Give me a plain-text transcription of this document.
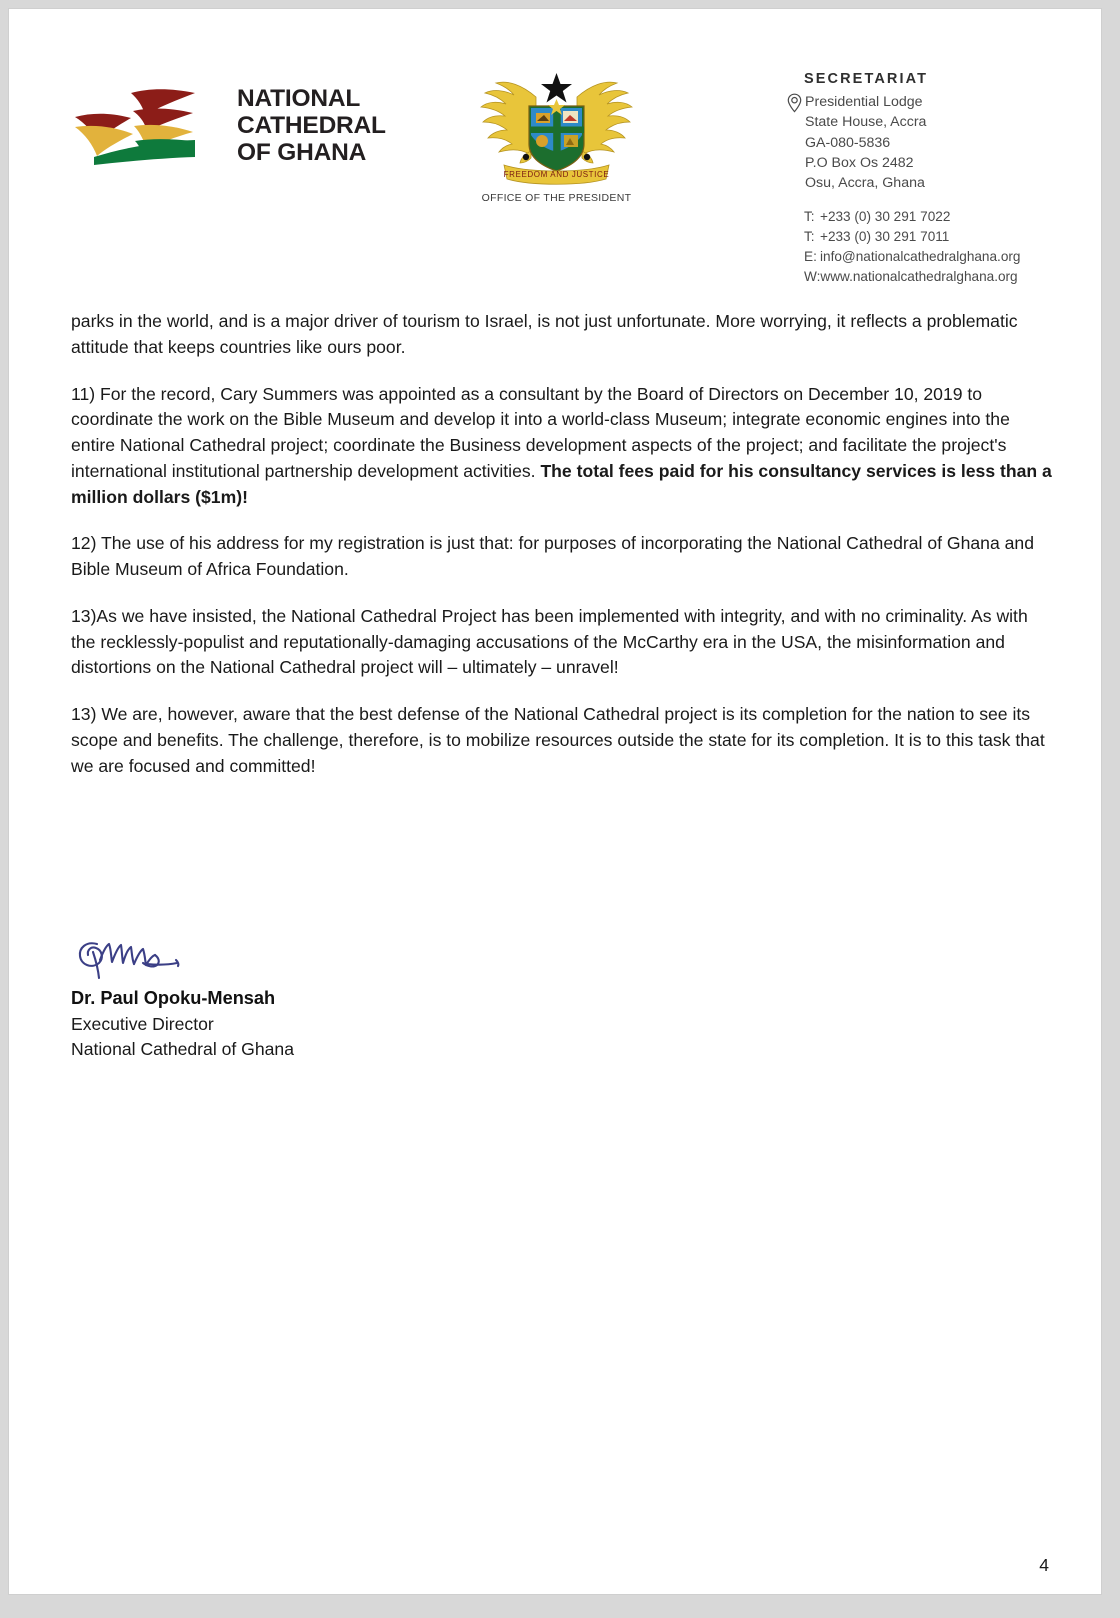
NATIONAL
CATHEDRAL
OF GHANA
FREEDOM AND JUSTICE
OFFICE OF THE PRESIDENT
SECRETARIAT
Presidential Lodge
State House, Accra
GA-080-5836
P.O Box Os 2482
Osu, Accra, Ghana
T: +233 (0) 30 291 7022
T: +233 (0) 30 291 7011
E: info@nationalcathedralghana.org
W:www.nationalcathedralghana.org

parks in the world, and is a major driver of tourism to Israel, is not just unfortunate. More worrying, it reflects a problematic attitude that keeps countries like ours poor.

11) For the record, Cary Summers was appointed as a consultant by the Board of Directors on December 10, 2019 to coordinate the work on the Bible Museum and develop it into a world-class Museum; integrate economic engines into the entire National Cathedral project; coordinate the Business development aspects of the project; and facilitate the project's international institutional partnership development activities. The total fees paid for his consultancy services is less than a million dollars ($1m)!

12) The use of his address for my registration is just that: for purposes of incorporating the National Cathedral of Ghana and Bible Museum of Africa Foundation.

13)As we have insisted, the National Cathedral Project has been implemented with integrity, and with no criminality. As with the recklessly-populist and reputationally-damaging accusations of the McCarthy era in the USA, the misinformation and distortions on the National Cathedral project will – ultimately – unravel!

13) We are, however, aware that the best defense of the National Cathedral project is its completion for the nation to see its scope and benefits. The challenge, therefore, is to mobilize resources outside the state for its completion. It is to this task that we are focused and committed!

Dr. Paul Opoku-Mensah
Executive Director
National Cathedral of Ghana
4
